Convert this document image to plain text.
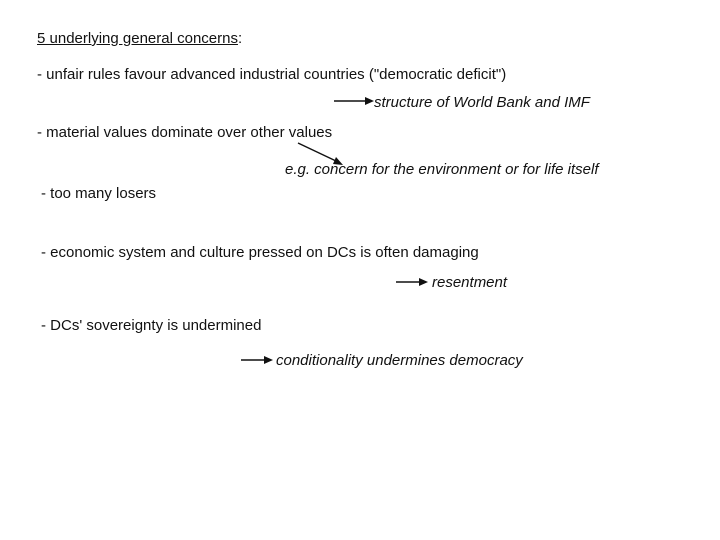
5 underlying general concerns:
- unfair rules favour advanced industrial countries ("democratic deficit")
structure of World Bank and IMF
- material values dominate over other values
e.g. concern for the environment or for life itself
- too many losers
- economic system and culture pressed on DCs is often damaging
resentment
- DCs' sovereignty is undermined
conditionality undermines democracy
